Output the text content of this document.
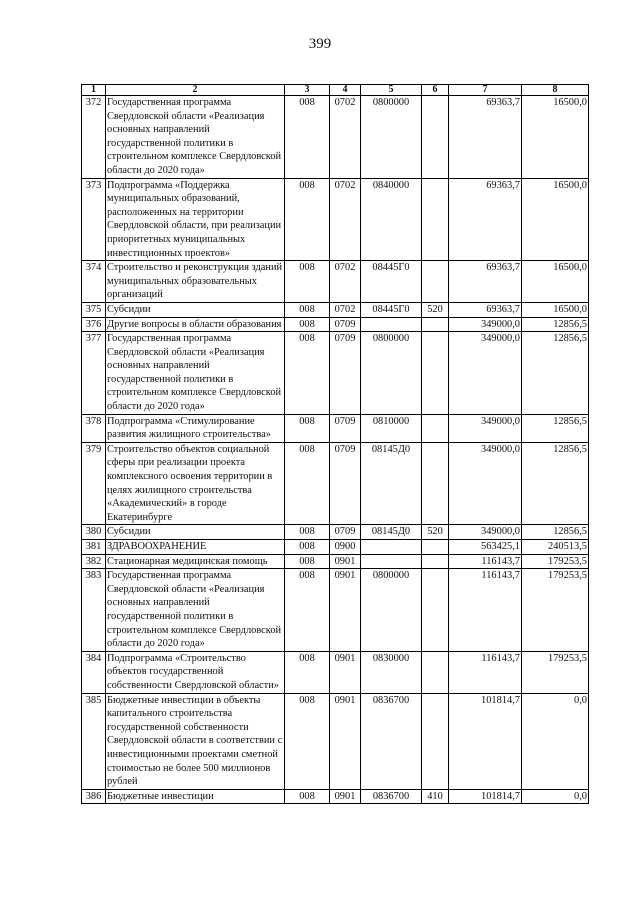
399
1	2	3	4	5	6	7	8
372	Государственная программа Свердловской области «Реализация основных направлений государственной политики в строительном комплексе Свердловской области до 2020 года»	008	0702	0800000		69363,7	16500,0
373	Подпрограмма «Поддержка муниципальных образований, расположенных на территории Свердловской области, при реализации приоритетных муниципальных инвестиционных проектов»	008	0702	0840000		69363,7	16500,0
374	Строительство и реконструкция зданий муниципальных образовательных организаций	008	0702	08445Г0		69363,7	16500,0
375	Субсидии	008	0702	08445Г0	520	69363,7	16500,0
376	Другие вопросы в области образования	008	0709			349000,0	12856,5
377	Государственная программа Свердловской области «Реализация основных направлений государственной политики в строительном комплексе Свердловской области до 2020 года»	008	0709	0800000		349000,0	12856,5
378	Подпрограмма «Стимулирование развития жилищного строительства»	008	0709	0810000		349000,0	12856,5
379	Строительство объектов социальной сферы при реализации проекта комплексного освоения территории в целях жилищного строительства «Академический» в городе Екатеринбурге	008	0709	08145Д0		349000,0	12856,5
380	Субсидии	008	0709	08145Д0	520	349000,0	12856,5
381	ЗДРАВООХРАНЕНИЕ	008	0900			563425,1	240513,5
382	Стационарная медицинская помощь	008	0901			116143,7	179253,5
383	Государственная программа Свердловской области «Реализация основных направлений государственной политики в строительном комплексе Свердловской области до 2020 года»	008	0901	0800000		116143,7	179253,5
384	Подпрограмма «Строительство объектов государственной собственности Свердловской области»	008	0901	0830000		116143,7	179253,5
385	Бюджетные инвестиции в объекты капитального строительства государственной собственности Свердловской области в соответствии с инвестиционными проектами сметной стоимостью не более 500 миллионов рублей	008	0901	0836700		101814,7	0,0
386	Бюджетные инвестиции	008	0901	0836700	410	101814,7	0,0
